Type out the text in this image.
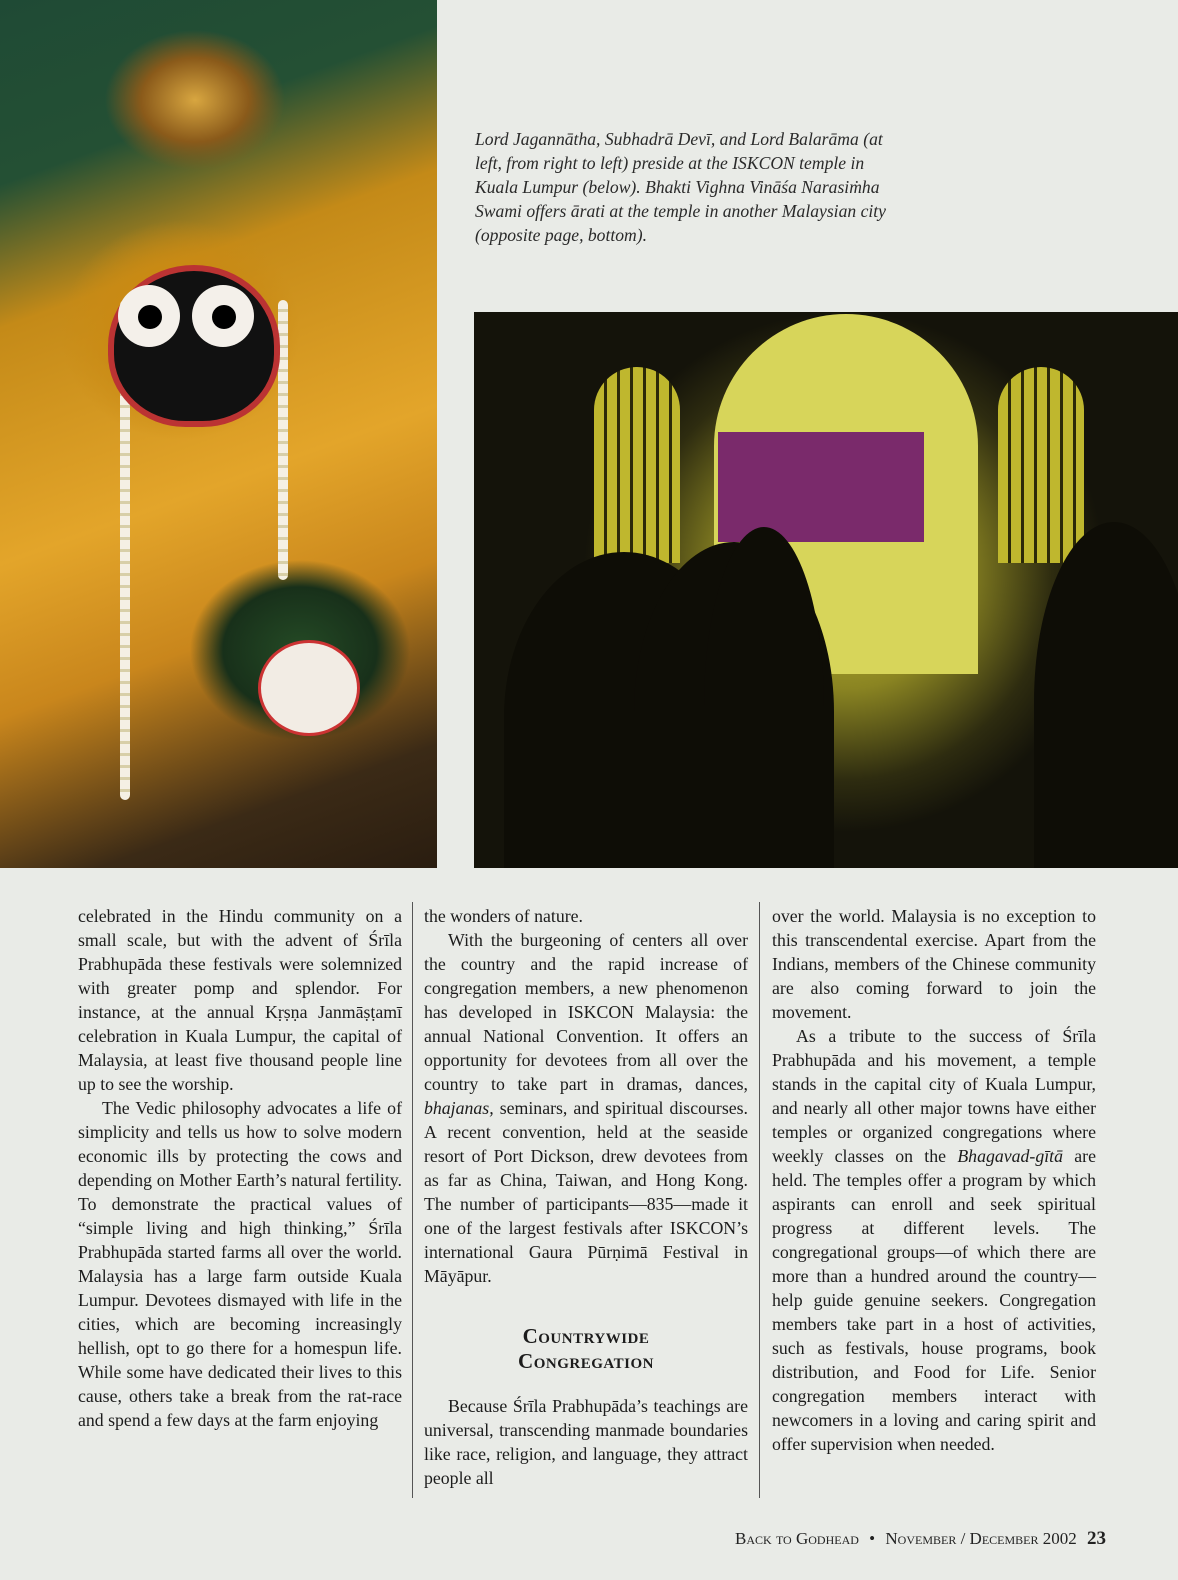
Lord Jagannātha, Subhadrā Devī, and Lord Balarāma (at left, from right to left) preside at the ISKCON temple in Kuala Lumpur (below). Bhakti Vighna Vināśa Narasiṁha Swami offers ārati at the temple in another Malaysian city (opposite page, bottom).

celebrated in the Hindu community on a small scale, but with the advent of Śrīla Prabhupāda these festivals were solemnized with greater pomp and splendor. For instance, at the annual Kṛṣṇa Janmāṣṭamī celebration in Kuala Lumpur, the capital of Malaysia, at least five thousand people line up to see the worship.

The Vedic philosophy advocates a life of simplicity and tells us how to solve modern economic ills by protecting the cows and depending on Mother Earth’s natural fertility. To demonstrate the practical values of “simple living and high thinking,” Śrīla Prabhupāda started farms all over the world. Malaysia has a large farm outside Kuala Lumpur. Devotees dismayed with life in the cities, which are becoming increasingly hellish, opt to go there for a homespun life. While some have dedicated their lives to this cause, others take a break from the rat-race and spend a few days at the farm enjoying

the wonders of nature.

With the burgeoning of centers all over the country and the rapid increase of congregation members, a new phenomenon has developed in ISKCON Malaysia: the annual National Convention. It offers an opportunity for devotees from all over the country to take part in dramas, dances, bhajanas, seminars, and spiritual discourses. A recent convention, held at the seaside resort of Port Dickson, drew devotees from as far as China, Taiwan, and Hong Kong. The number of participants—835—made it one of the largest festivals after ISKCON’s international Gaura Pūrṇimā Festival in Māyāpur.

Countrywide
Congregation

Because Śrīla Prabhupāda’s teachings are universal, transcending manmade boundaries like race, religion, and language, they attract people all

over the world. Malaysia is no exception to this transcendental exercise. Apart from the Indians, members of the Chinese community are also coming forward to join the movement.

As a tribute to the success of Śrīla Prabhupāda and his movement, a temple stands in the capital city of Kuala Lumpur, and nearly all other major towns have either temples or organized congregations where weekly classes on the Bhagavad-gītā are held. The temples offer a program by which aspirants can enroll and seek spiritual progress at different levels. The congregational groups—of which there are more than a hundred around the country—help guide genuine seekers. Congregation members take part in a host of activities, such as festivals, house programs, book distribution, and Food for Life. Senior congregation members interact with newcomers in a loving and caring spirit and offer supervision when needed.

Back to Godhead • November / December 2002 23
